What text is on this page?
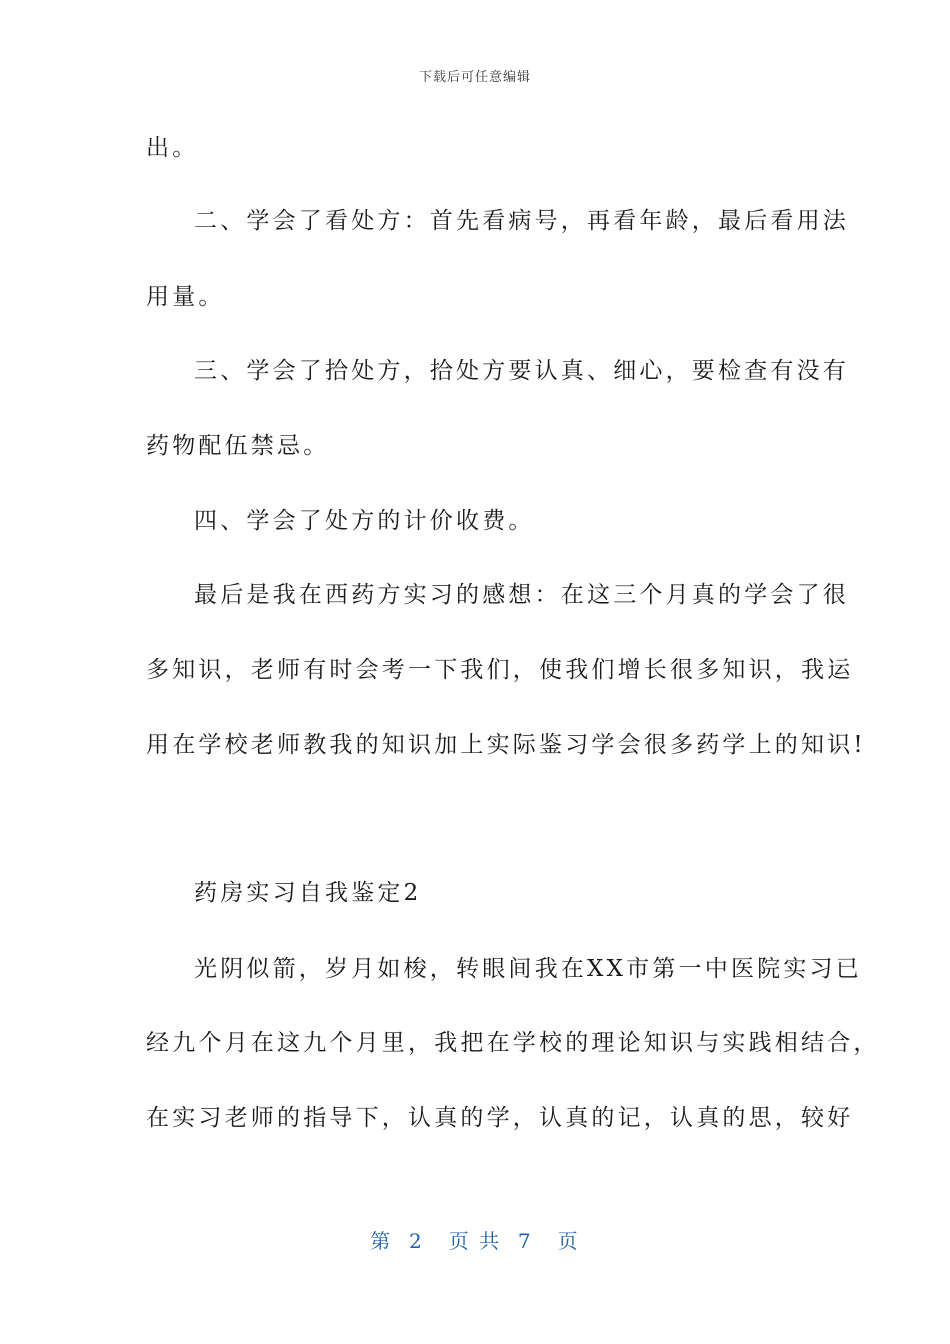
下载后可任意编辑
出。
二、学会了看处方：首先看病号，再看年龄，最后看用法
用量。
三、学会了拾处方，拾处方要认真、细心，要检查有没有
药物配伍禁忌。
四、学会了处方的计价收费。
最后是我在西药方实习的感想：在这三个月真的学会了很
多知识，老师有时会考一下我们，使我们增长很多知识，我运
用在学校老师教我的知识加上实际鉴习学会很多药学上的知识!
药房实习自我鉴定2
光阴似箭，岁月如梭，转眼间我在XX市第一中医院实习已
经九个月在这九个月里，我把在学校的理论知识与实践相结合，
在实习老师的指导下，认真的学，认真的记，认真的思，较好
第  2   页 共  7   页
